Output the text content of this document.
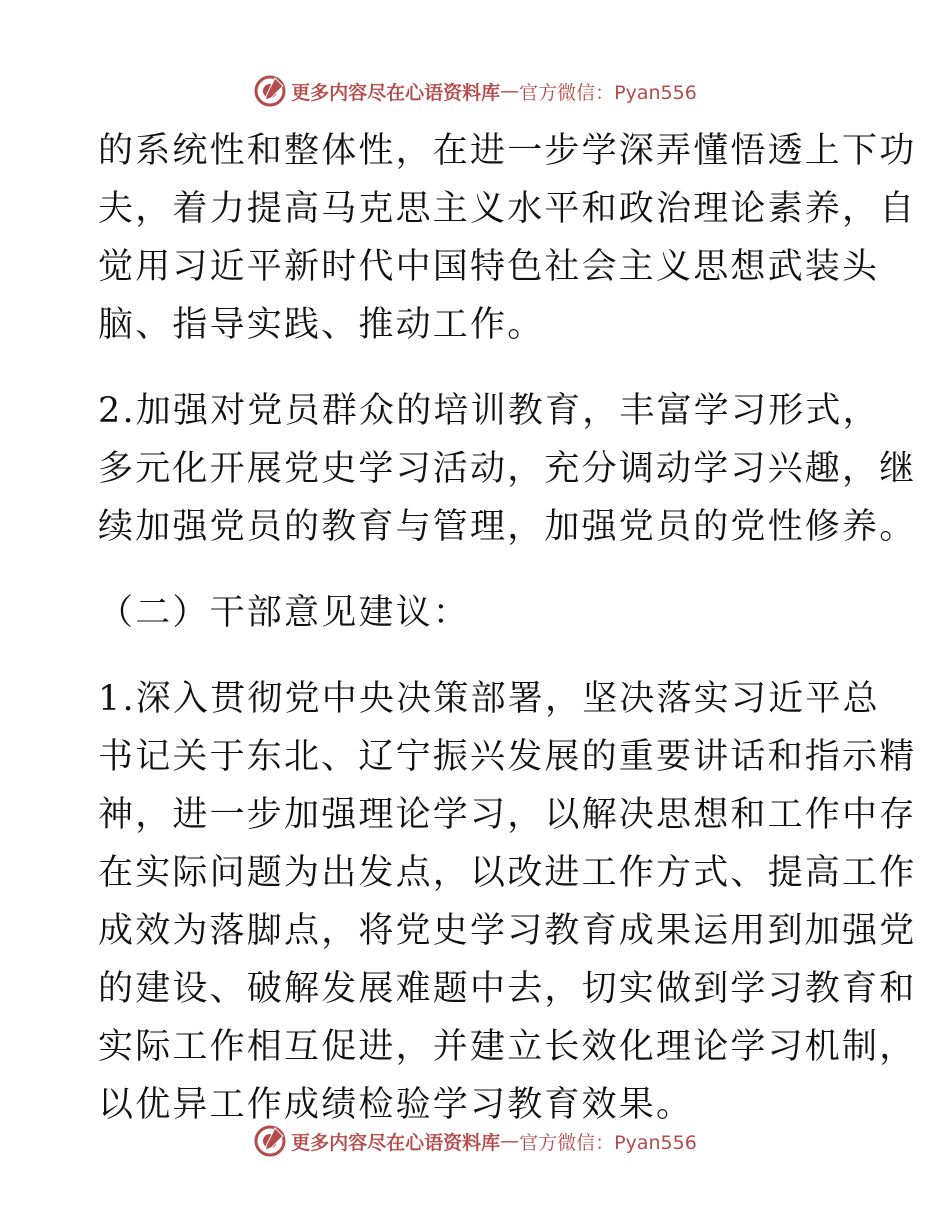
更多内容尽在心语资料库 — 官方微信：Pyan556
的系统性和整体性，在进一步学深弄懂悟透上下功
夫，着力提高马克思主义水平和政治理论素养，自
觉用习近平新时代中国特色社会主义思想武装头
脑、指导实践、推动工作。
2.加强对党员群众的培训教育，丰富学习形式，
多元化开展党史学习活动，充分调动学习兴趣，继
续加强党员的教育与管理，加强党员的党性修养。
（二）干部意见建议：
1.深入贯彻党中央决策部署，坚决落实习近平总
书记关于东北、辽宁振兴发展的重要讲话和指示精
神，进一步加强理论学习，以解决思想和工作中存
在实际问题为出发点，以改进工作方式、提高工作
成效为落脚点，将党史学习教育成果运用到加强党
的建设、破解发展难题中去，切实做到学习教育和
实际工作相互促进，并建立长效化理论学习机制，
以优异工作成绩检验学习教育效果。
更多内容尽在心语资料库 — 官方微信：Pyan556
